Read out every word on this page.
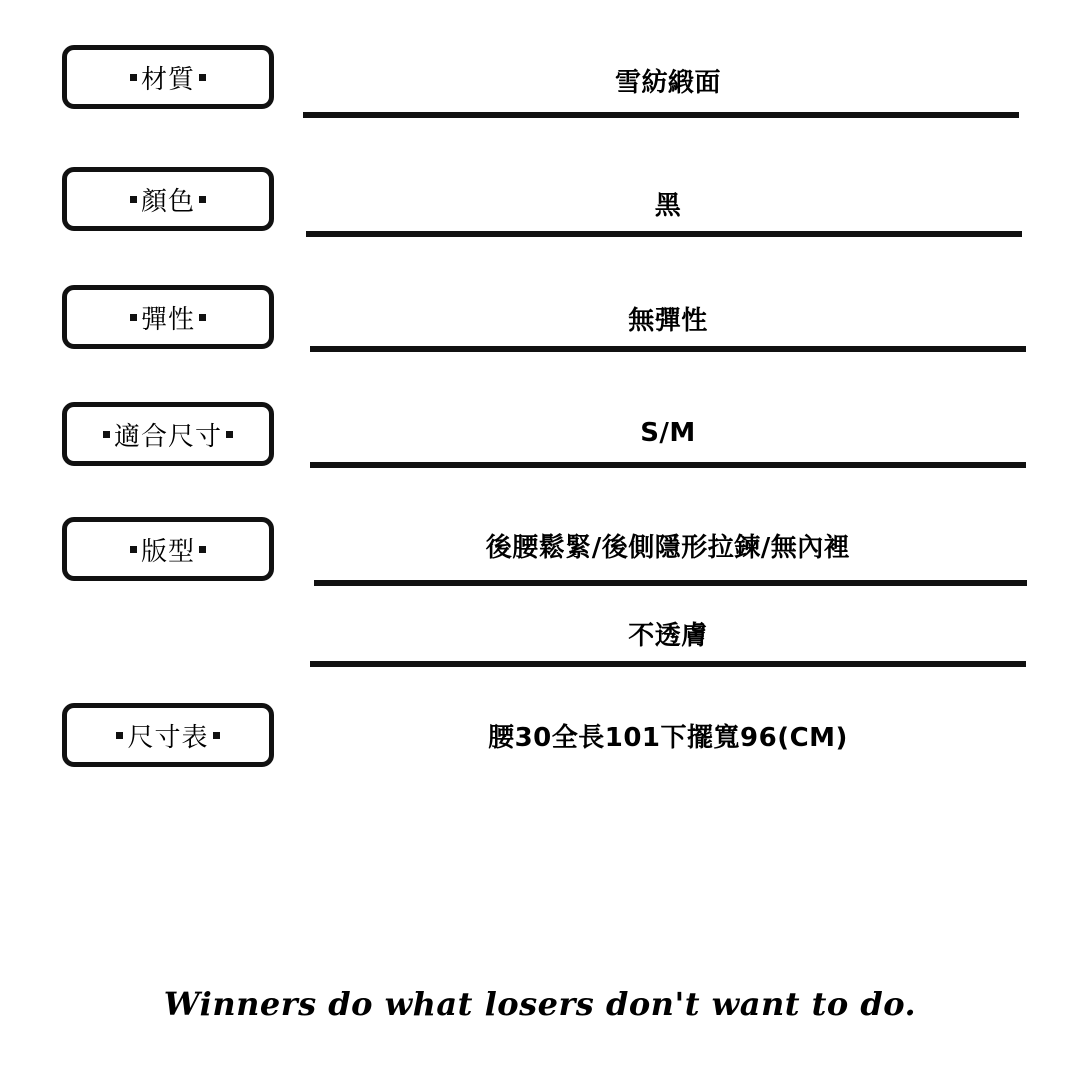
材質	雪紡緞面
顏色	黑
彈性	無彈性
適合尺寸	S/M
版型	後腰鬆緊/後側隱形拉鍊/無內裡
不透膚
尺寸表	腰30全長101下擺寬96(CM)
Winners do what losers don't want to do.
